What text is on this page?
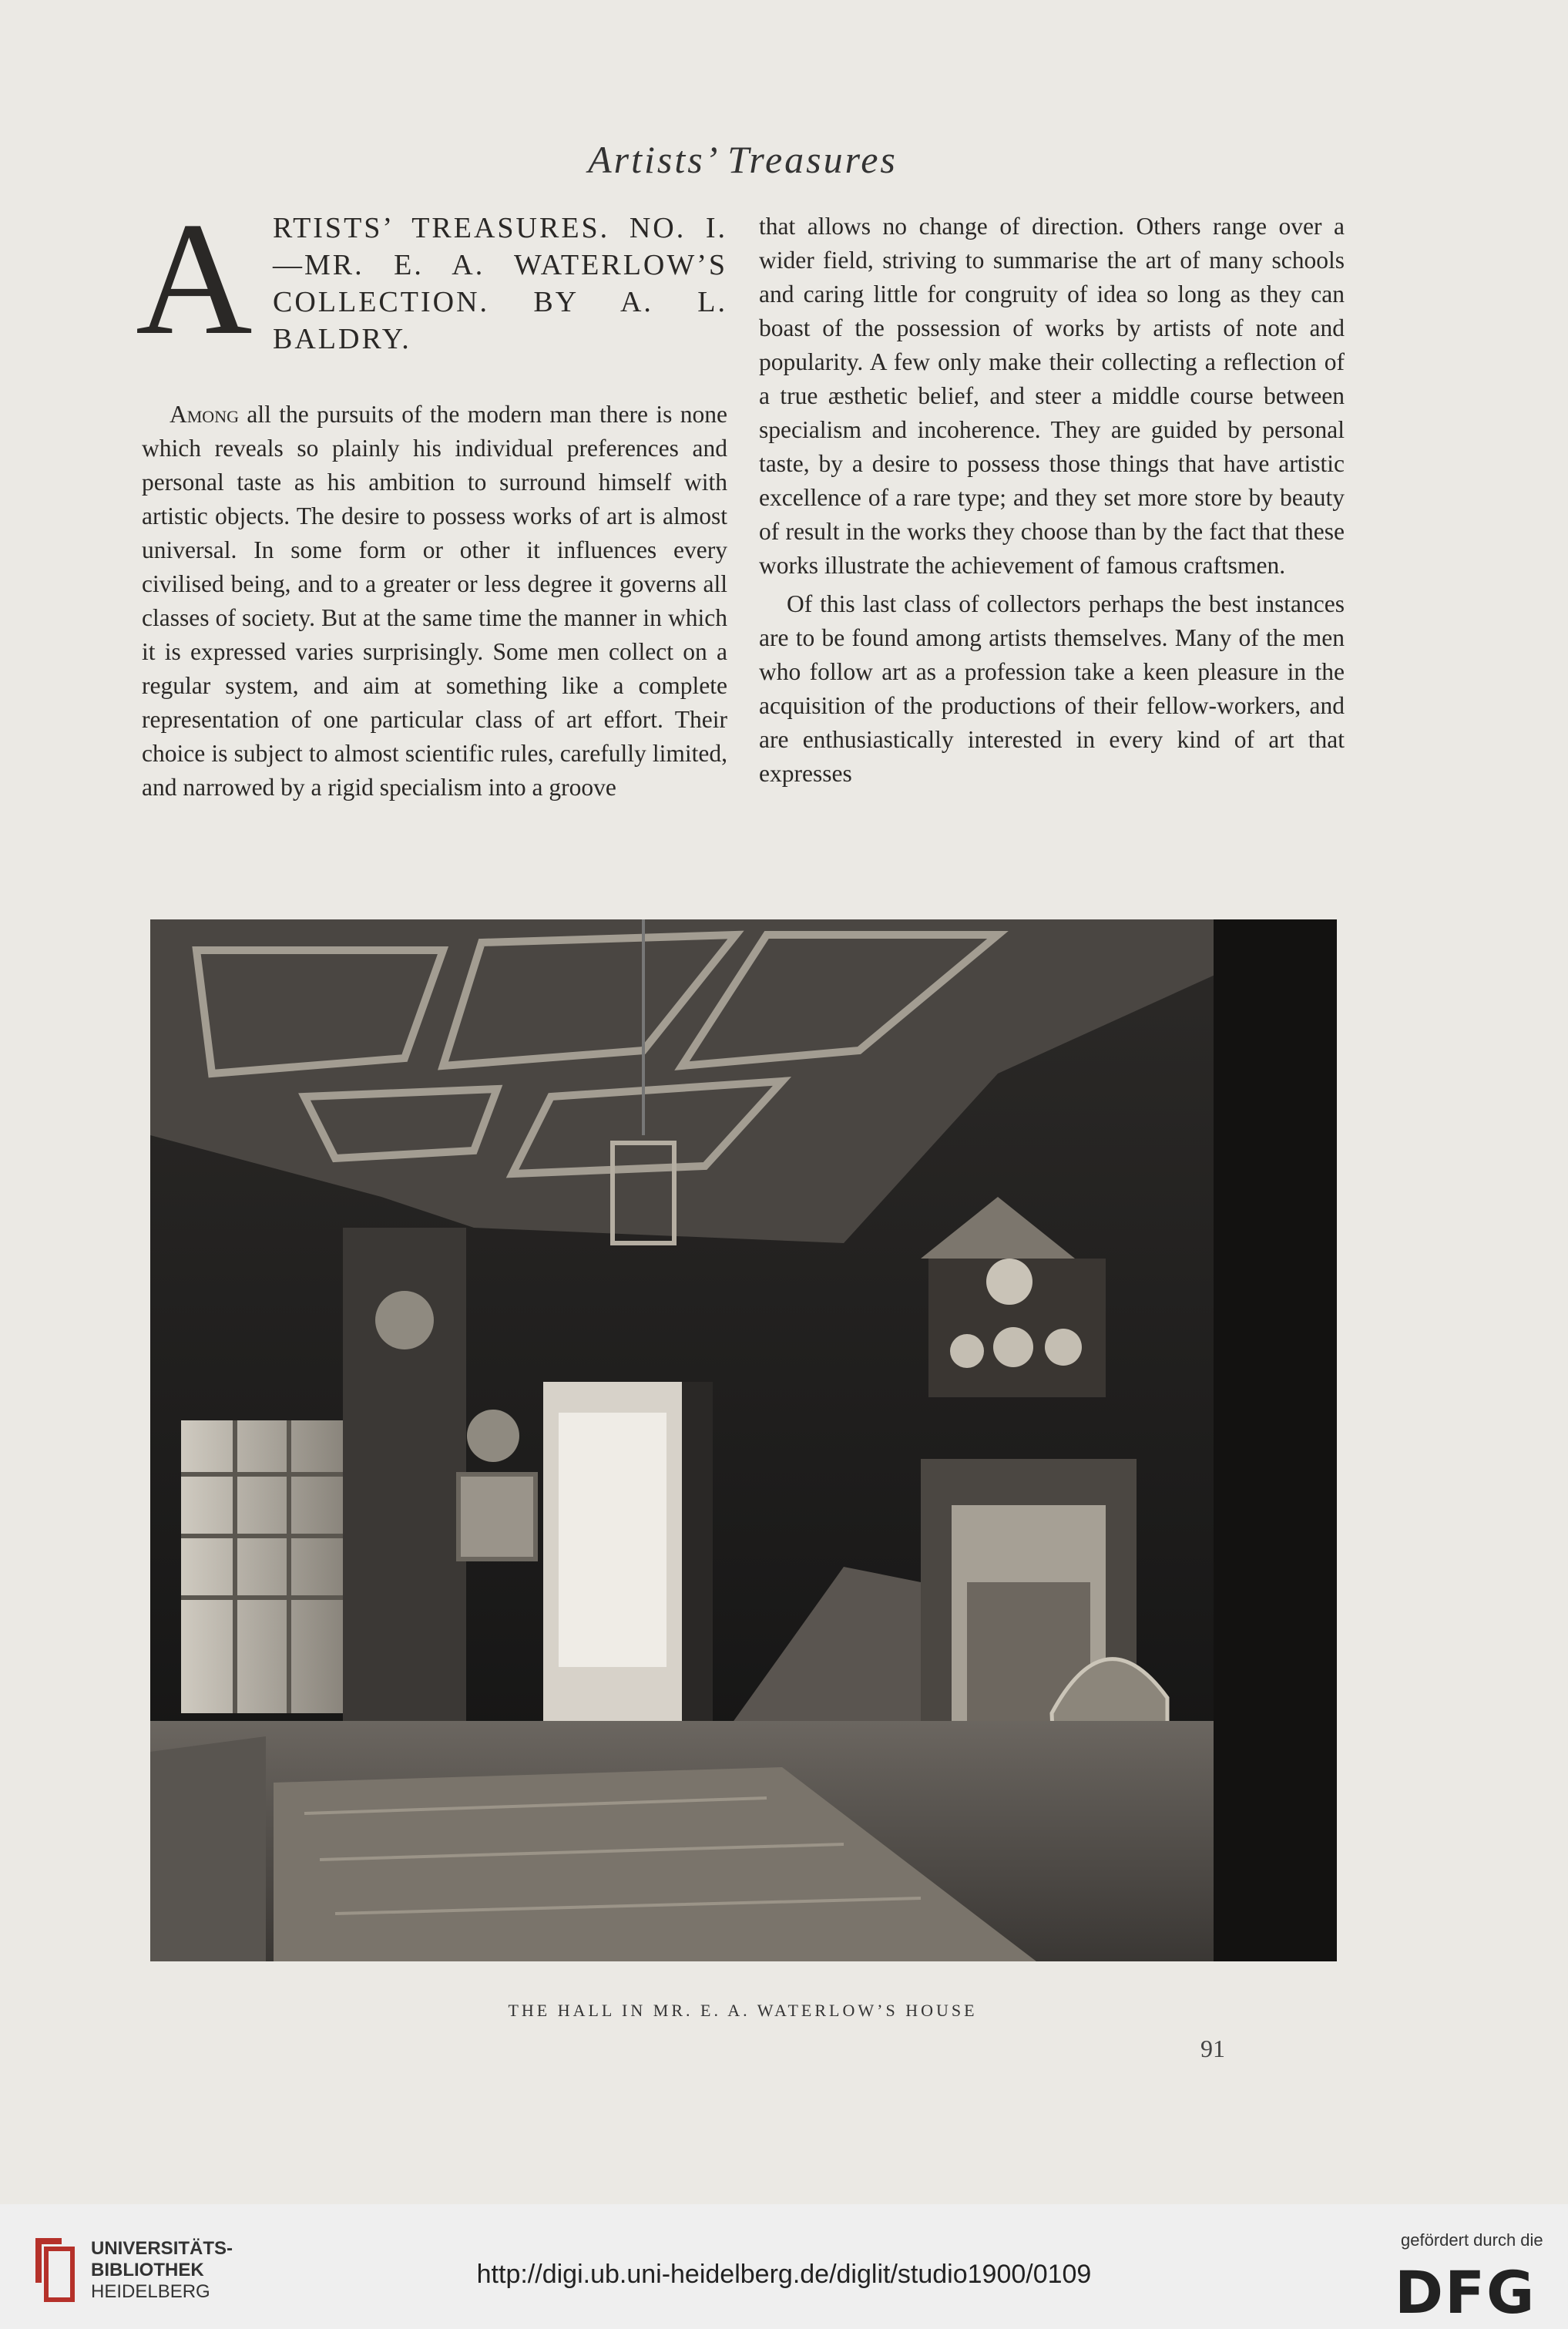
Artists’ Treasures
A RTISTS’ TREASURES. NO. I. —MR. E. A. WATERLOW’S COLLECTION. BY A. L. BALDRY.

Among all the pursuits of the modern man there is none which reveals so plainly his individual preferences and personal taste as his ambition to surround himself with artistic objects. The desire to possess works of art is almost universal. In some form or other it influences every civilised being, and to a greater or less degree it governs all classes of society. But at the same time the manner in which it is expressed varies surprisingly. Some men collect on a regular system, and aim at something like a complete representation of one particular class of art effort. Their choice is subject to almost scientific rules, carefully limited, and narrowed by a rigid specialism into a groove

that allows no change of direction. Others range over a wider field, striving to summarise the art of many schools and caring little for congruity of idea so long as they can boast of the possession of works by artists of note and popularity. A few only make their collecting a reflection of a true æsthetic belief, and steer a middle course between specialism and incoherence. They are guided by personal taste, by a desire to possess those things that have artistic excellence of a rare type; and they set more store by beauty of result in the works they choose than by the fact that these works illustrate the achievement of famous craftsmen.

Of this last class of collectors perhaps the best instances are to be found among artists themselves. Many of the men who follow art as a profession take a keen pleasure in the acquisition of the productions of their fellow-workers, and are enthusiastically interested in every kind of art that expresses

THE HALL IN MR. E. A. WATERLOW’S HOUSE
91
UNIVERSITÄTS-
BIBLIOTHEK
HEIDELBERG
http://digi.ub.uni-heidelberg.de/diglit/studio1900/0109
gefördert durch die
DFG
